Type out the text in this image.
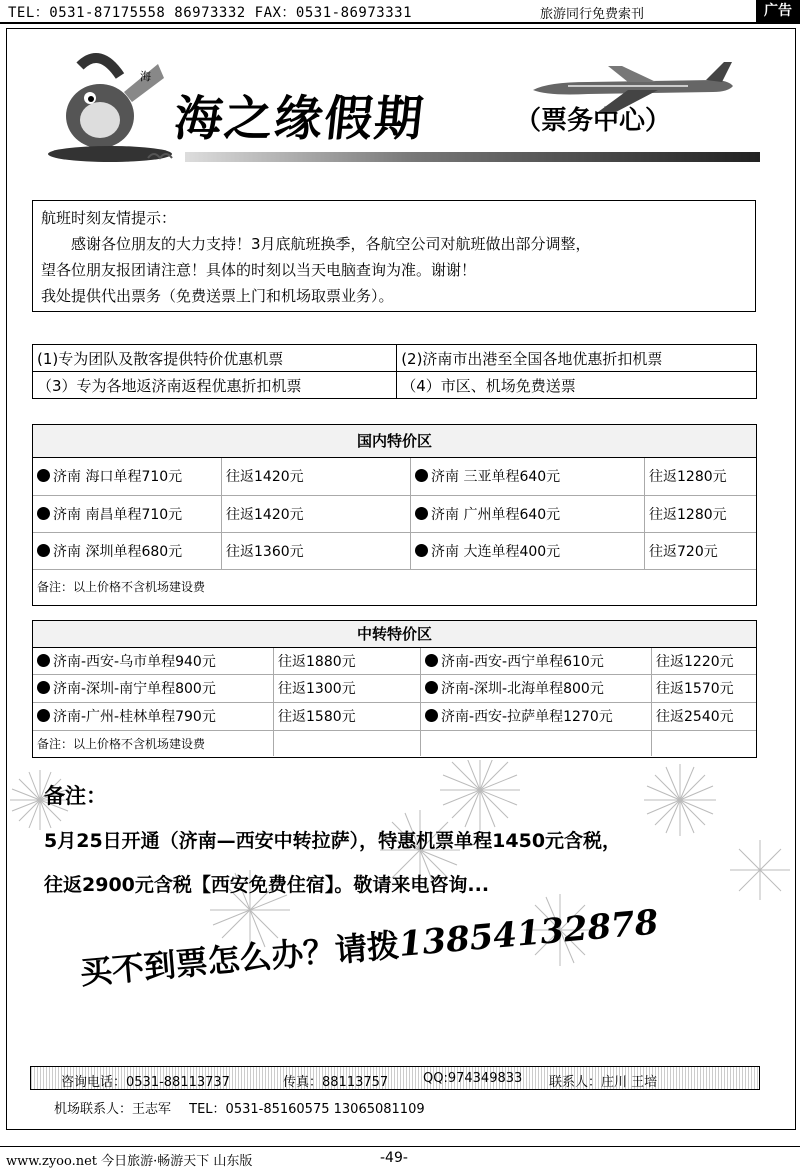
TEL：0531-87175558 86973332 FAX：0531-86973331	旅游同行免费索刊	广告
海
海之缘假期	（票务中心）

航班时刻友情提示：

感谢各位朋友的大力支持！3月底航班换季，各航空公司对航班做出部分调整，

望各位朋友报团请注意！具体的时刻以当天电脑查询为准。谢谢！

我处提供代出票务（免费送票上门和机场取票业务）。

(1)专为团队及散客提供特价优惠机票	(2)济南市出港至全国各地优惠折扣机票
（3）专为各地返济南返程优惠折扣机票	（4）市区、机场免费送票
国内特价区
济南 海口单程710元	往返1420元	济南 三亚单程640元	往返1280元
济南 南昌单程710元	往返1420元	济南 广州单程640元	往返1280元
济南 深圳单程680元	往返1360元	济南 大连单程400元	往返720元
备注：以上价格不含机场建设费			
中转特价区
济南-西安-乌市单程940元	往返1880元	济南-西安-西宁单程610元	往返1220元
济南-深圳-南宁单程800元	往返1300元	济南-深圳-北海单程800元	往返1570元
济南-广州-桂林单程790元	往返1580元	济南-西安-拉萨单程1270元	往返2540元
备注：以上价格不含机场建设费			
备注：
5月25日开通（济南—西安中转拉萨），特惠机票单程1450元含税，
往返2900元含税【西安免费住宿】。敬请来电咨询...
买不到票怎么办？请拨13854132878
咨询电话：0531-88113737	传真：88113757	QQ:974349833 联系人：庄川 王培
机场联系人：王志军 TEL：0531-85160575 13065081109
www.zyoo.net 今日旅游·畅游天下 山东版	-49-
